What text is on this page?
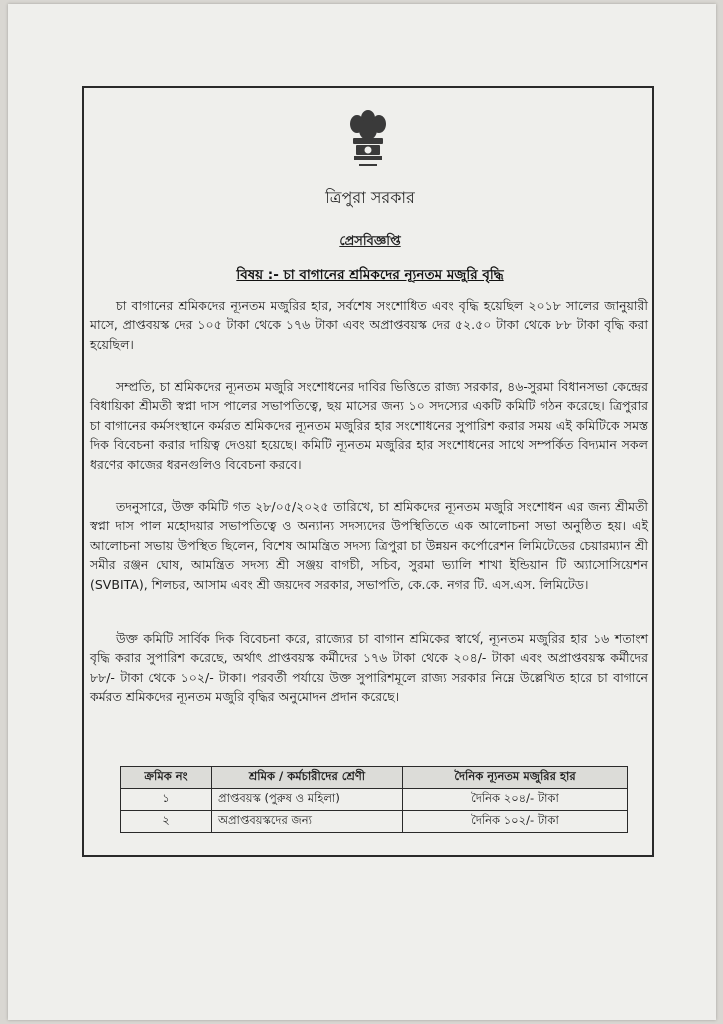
ত্রিপুরা সরকার
প্রেসবিজ্ঞপ্তি
বিষয় :- চা বাগানের শ্রমিকদের ন্যূনতম মজুরি বৃদ্ধি
চা বাগানের শ্রমিকদের ন্যূনতম মজুরির হার, সর্বশেষ সংশোধিত এবং বৃদ্ধি হয়েছিল ২০১৮ সালের জানুয়ারী মাসে, প্রাপ্তবয়স্ক দের ১০৫ টাকা থেকে ১৭৬ টাকা এবং অপ্রাপ্তবয়স্ক দের ৫২.৫০ টাকা থেকে ৮৮ টাকা বৃদ্ধি করা হয়েছিল।
সম্প্রতি, চা শ্রমিকদের ন্যূনতম মজুরি সংশোধনের দাবির ভিত্তিতে রাজ্য সরকার, ৪৬-সুরমা বিধানসভা কেন্দ্রের বিধায়িকা শ্রীমতী স্বপ্না দাস পালের সভাপতিত্বে, ছয় মাসের জন্য ১০ সদস্যের একটি কমিটি গঠন করেছে। ত্রিপুরার চা বাগানের কর্মসংস্থানে কর্মরত শ্রমিকদের ন্যূনতম মজুরির হার সংশোধনের সুপারিশ করার সময় এই কমিটিকে সমস্ত দিক বিবেচনা করার দায়িত্ব দেওয়া হয়েছে। কমিটি ন্যূনতম মজুরির হার সংশোধনের সাথে সম্পর্কিত বিদ্যমান সকল ধরণের কাজের ধরনগুলিও বিবেচনা করবে।
তদনুসারে, উক্ত কমিটি গত ২৮/০৫/২০২৫ তারিখে, চা শ্রমিকদের ন্যূনতম মজুরি সংশোধন এর জন্য শ্রীমতী স্বপ্না দাস পাল মহোদয়ার সভাপতিত্বে ও অন্যান্য সদস্যদের উপস্থিতিতে এক আলোচনা সভা অনুষ্ঠিত হয়। এই আলোচনা সভায় উপস্থিত ছিলেন, বিশেষ আমন্ত্রিত সদস্য ত্রিপুরা চা উন্নয়ন কর্পোরেশন লিমিটেডের চেয়ারম্যান শ্রী সমীর রঞ্জন ঘোষ, আমন্ত্রিত সদস্য শ্রী সঞ্জয় বাগচী, সচিব, সুরমা ভ্যালি শাখা ইন্ডিয়ান টি অ্যাসোসিয়েশন (SVBITA), শিলচর, আসাম এবং শ্রী জয়দেব সরকার, সভাপতি, কে.কে. নগর টি. এস.এস. লিমিটেড।
উক্ত কমিটি সার্বিক দিক বিবেচনা করে, রাজ্যের চা বাগান শ্রমিকের স্বার্থে, ন্যূনতম মজুরির হার ১৬ শতাংশ বৃদ্ধি করার সুপারিশ করেছে, অর্থাৎ প্রাপ্তবয়স্ক কর্মীদের ১৭৬ টাকা থেকে ২০৪/- টাকা এবং অপ্রাপ্তবয়স্ক কর্মীদের ৮৮/- টাকা থেকে ১০২/- টাকা। পরবর্তী পর্যায়ে উক্ত সুপারিশমূলে রাজ্য সরকার নিম্নে উল্লেখিত হারে চা বাগানে কর্মরত শ্রমিকদের ন্যূনতম মজুরি বৃদ্ধির অনুমোদন প্রদান করেছে।
ক্রমিক নং	শ্রমিক / কর্মচারীদের শ্রেণী	দৈনিক ন্যূনতম মজুরির হার
১	প্রাপ্তবয়স্ক (পুরুষ ও মহিলা)	দৈনিক ২০৪/- টাকা
২	অপ্রাপ্তবয়স্কদের জন্য	দৈনিক ১০২/- টাকা
